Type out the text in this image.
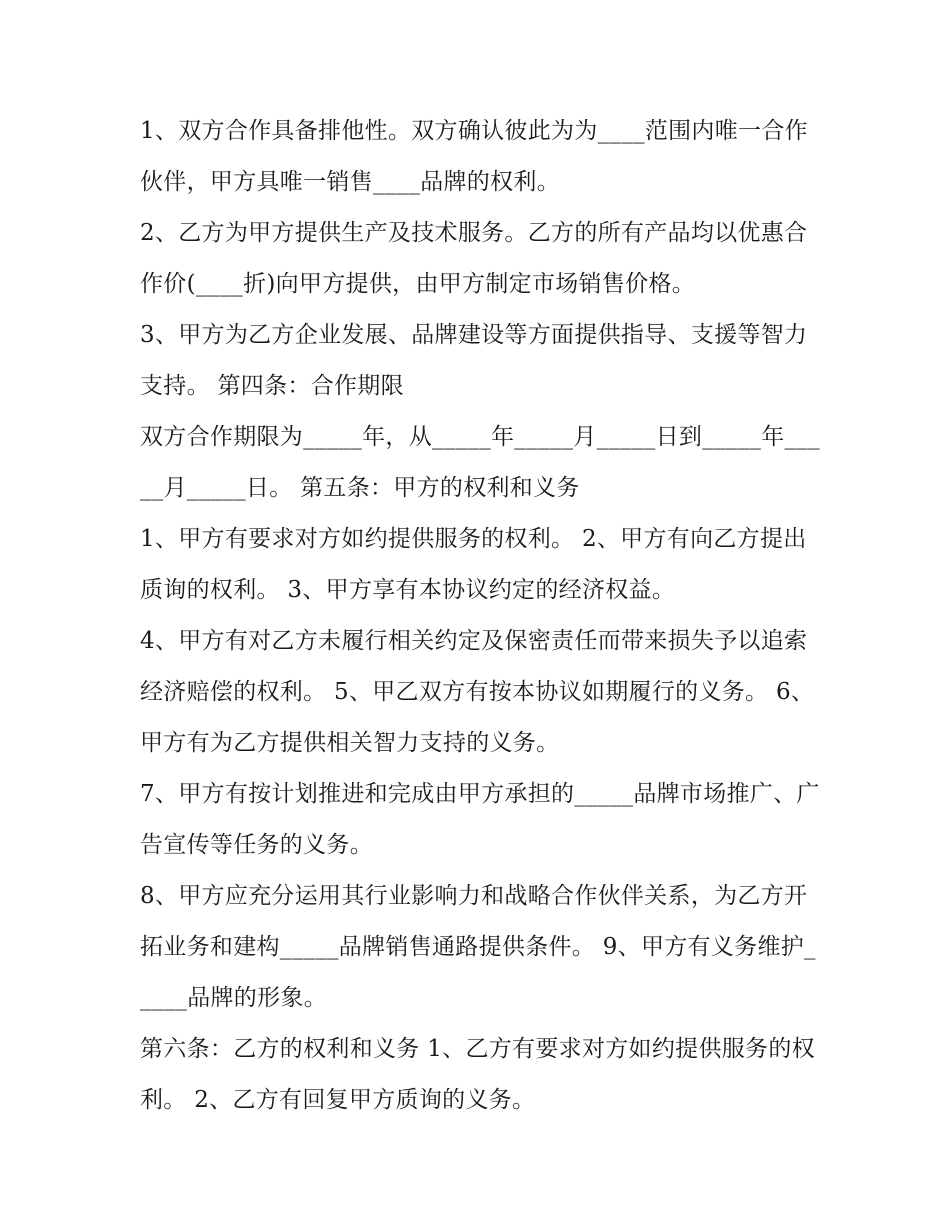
1、双方合作具备排他性。双方确认彼此为为____范围内唯一合作伙伴，甲方具唯一销售____品牌的权利。

2、乙方为甲方提供生产及技术服务。乙方的所有产品均以优惠合作价(____折)向甲方提供，由甲方制定市场销售价格。

3、甲方为乙方企业发展、品牌建设等方面提供指导、支援等智力支持。 第四条：合作期限

双方合作期限为_____年，从_____年_____月_____日到_____年_____月_____日。 第五条：甲方的权利和义务

1、甲方有要求对方如约提供服务的权利。 2、甲方有向乙方提出质询的权利。 3、甲方享有本协议约定的经济权益。

4、甲方有对乙方未履行相关约定及保密责任而带来损失予以追索经济赔偿的权利。 5、甲乙双方有按本协议如期履行的义务。 6、甲方有为乙方提供相关智力支持的义务。

7、甲方有按计划推进和完成由甲方承担的_____品牌市场推广、广告宣传等任务的义务。

8、甲方应充分运用其行业影响力和战略合作伙伴关系，为乙方开拓业务和建构_____品牌销售通路提供条件。 9、甲方有义务维护_____品牌的形象。

第六条：乙方的权利和义务 1、乙方有要求对方如约提供服务的权利。 2、乙方有回复甲方质询的义务。
